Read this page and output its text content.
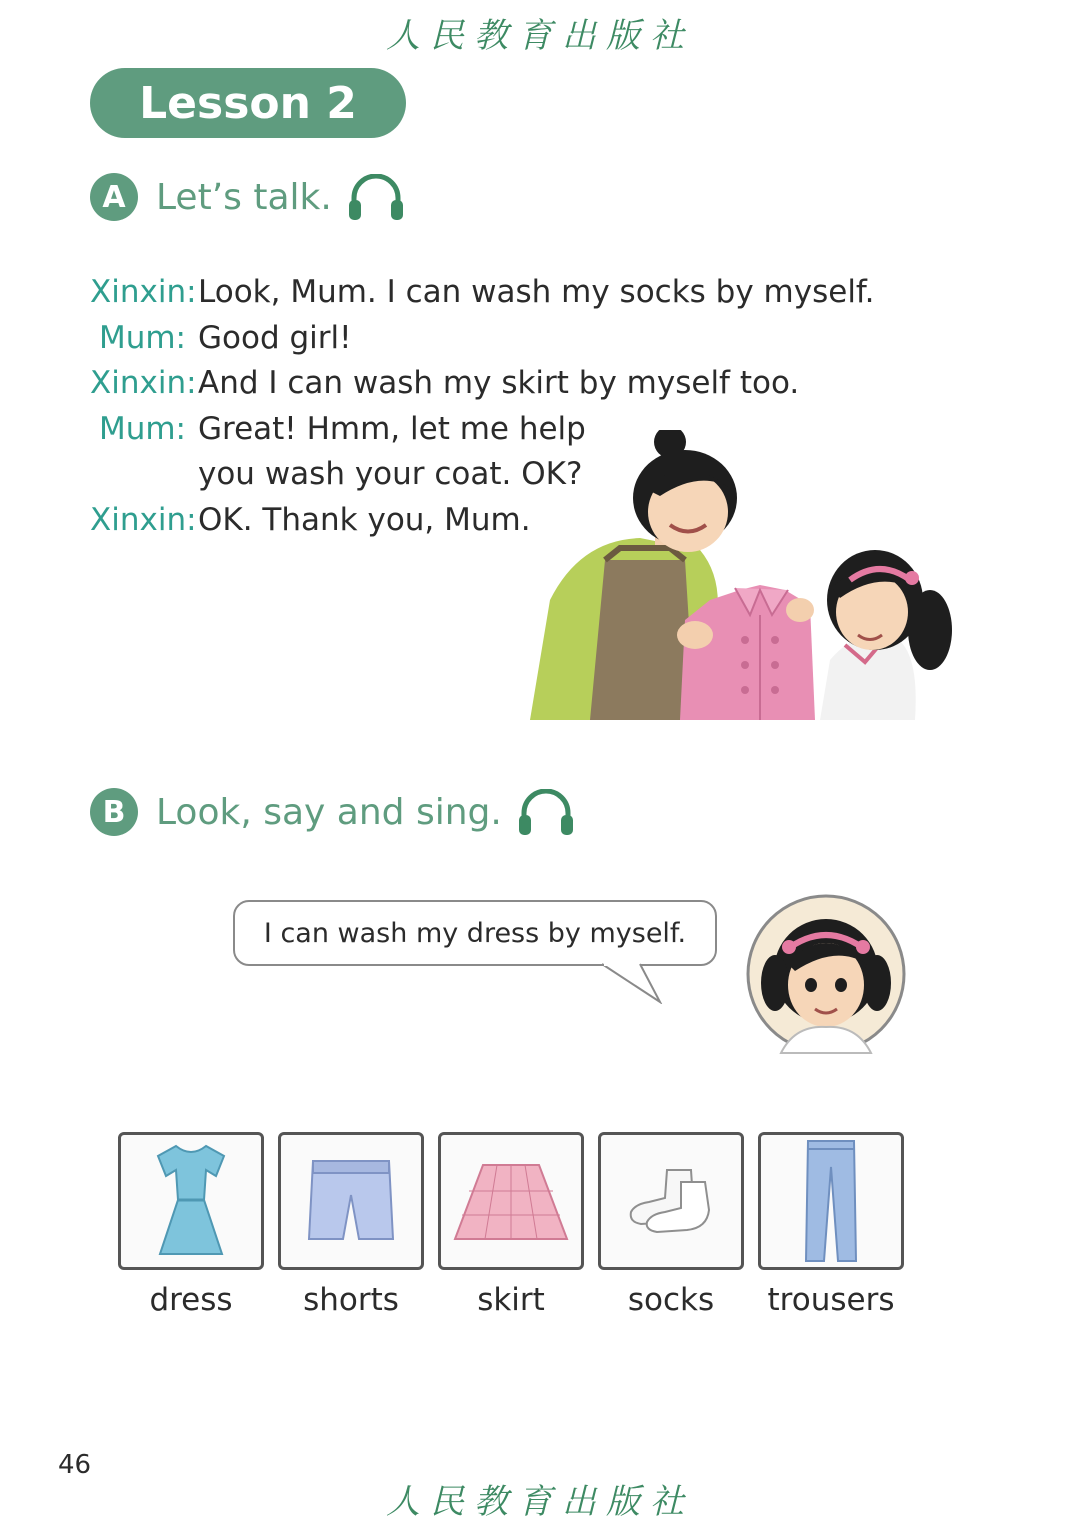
人民教育出版社
Lesson 2
A Let’s talk.
Xinxin: Look, Mum. I can wash my socks by myself.
Mum: Good girl!
Xinxin: And I can wash my skirt by myself too.
Mum: Great! Hmm, let me help
you wash your coat. OK?
Xinxin: OK. Thank you, Mum.
B Look, say and sing.
I can wash my dress by myself.
dress	shorts	skirt	socks	trousers
46
人民教育出版社
